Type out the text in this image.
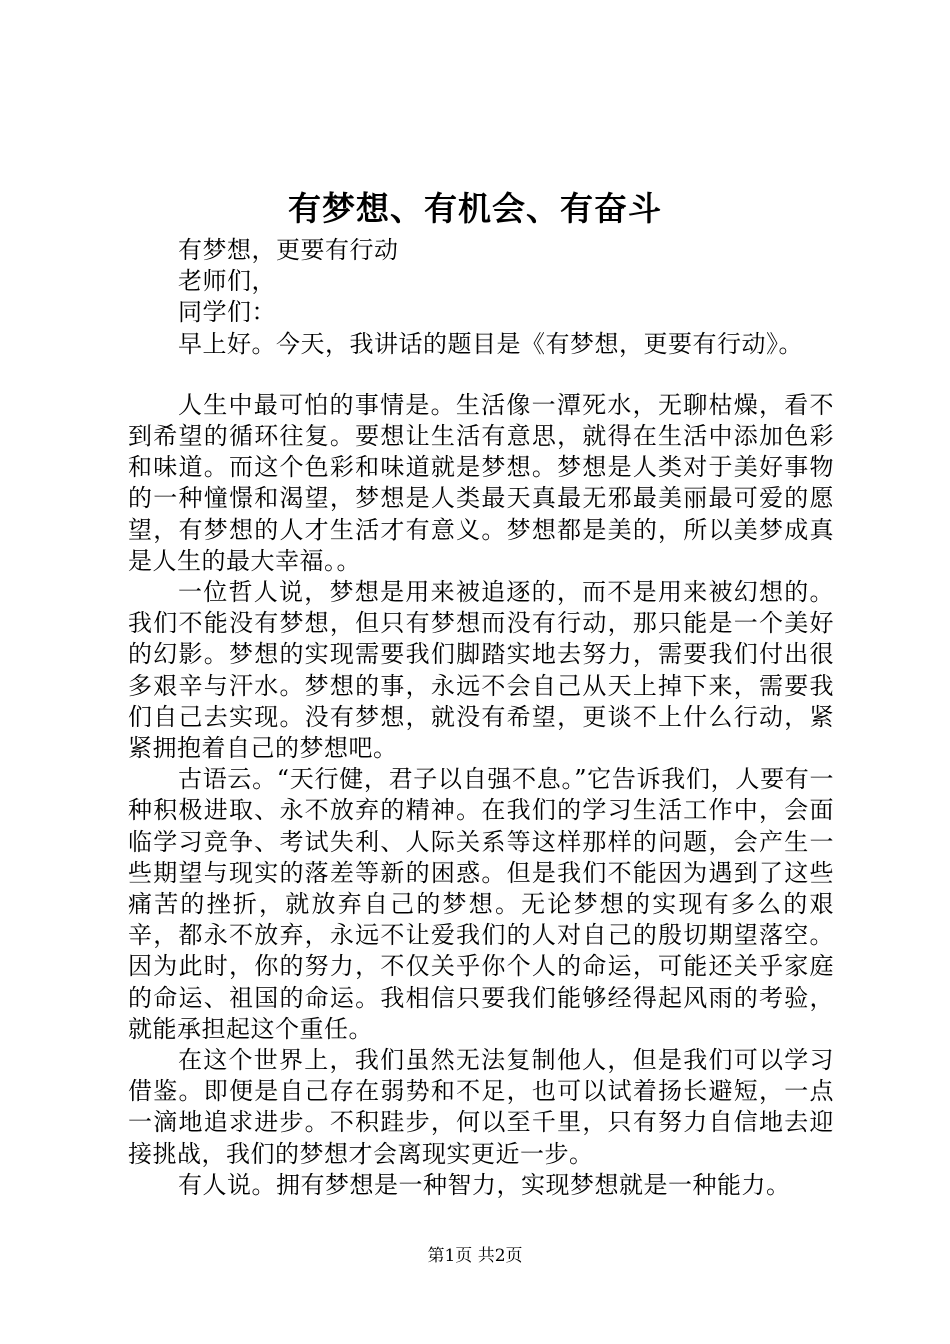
有梦想、有机会、有奋斗

有梦想，更要有行动

老师们，

同学们：

早上好。今天，我讲话的题目是《有梦想，更要有行动》。

人生中最可怕的事情是。生活像一潭死水，无聊枯燥，看不到希望的循环往复。要想让生活有意思，就得在生活中添加色彩和味道。而这个色彩和味道就是梦想。梦想是人类对于美好事物的一种憧憬和渴望，梦想是人类最天真最无邪最美丽最可爱的愿望，有梦想的人才生活才有意义。梦想都是美的，所以美梦成真是人生的最大幸福。。

一位哲人说，梦想是用来被追逐的，而不是用来被幻想的。我们不能没有梦想，但只有梦想而没有行动，那只能是一个美好的幻影。梦想的实现需要我们脚踏实地去努力，需要我们付出很多艰辛与汗水。梦想的事，永远不会自己从天上掉下来，需要我们自己去实现。没有梦想，就没有希望，更谈不上什么行动，紧紧拥抱着自己的梦想吧。

古语云。“天行健，君子以自强不息。”它告诉我们，人要有一种积极进取、永不放弃的精神。在我们的学习生活工作中，会面临学习竞争、考试失利、人际关系等这样那样的问题，会产生一些期望与现实的落差等新的困惑。但是我们不能因为遇到了这些痛苦的挫折，就放弃自己的梦想。无论梦想的实现有多么的艰辛，都永不放弃，永远不让爱我们的人对自己的殷切期望落空。因为此时，你的努力，不仅关乎你个人的命运，可能还关乎家庭的命运、祖国的命运。我相信只要我们能够经得起风雨的考验，就能承担起这个重任。

在这个世界上，我们虽然无法复制他人，但是我们可以学习借鉴。即便是自己存在弱势和不足，也可以试着扬长避短，一点一滴地追求进步。不积跬步，何以至千里，只有努力自信地去迎接挑战，我们的梦想才会离现实更近一步。

有人说。拥有梦想是一种智力，实现梦想就是一种能力。

第1页 共2页
